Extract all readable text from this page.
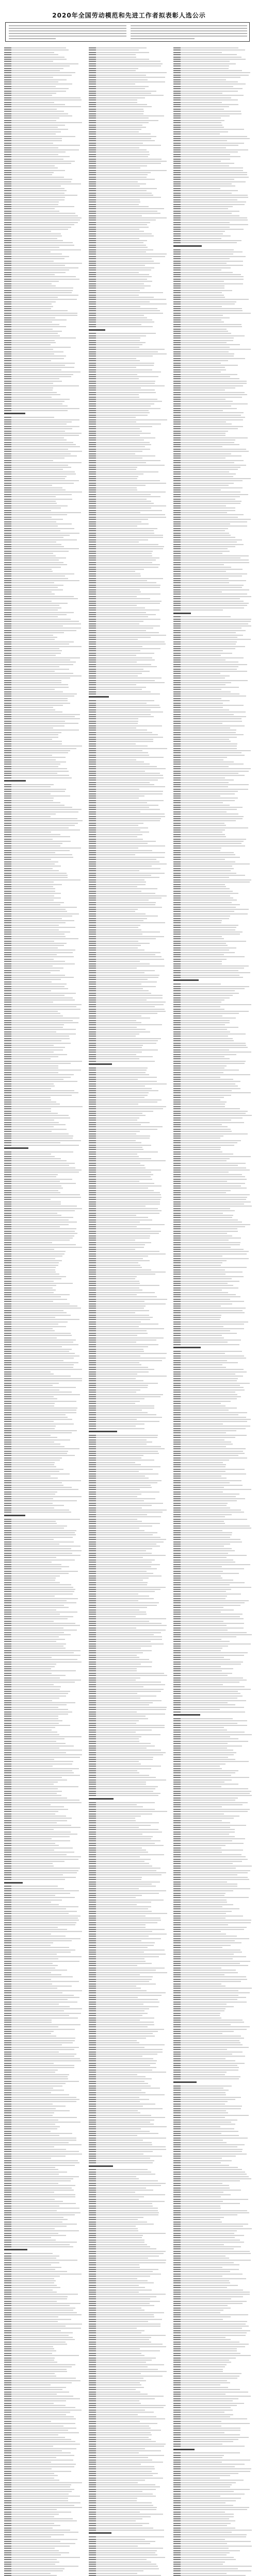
2020年全国劳动模范和先进工作者拟表彰人选公示
